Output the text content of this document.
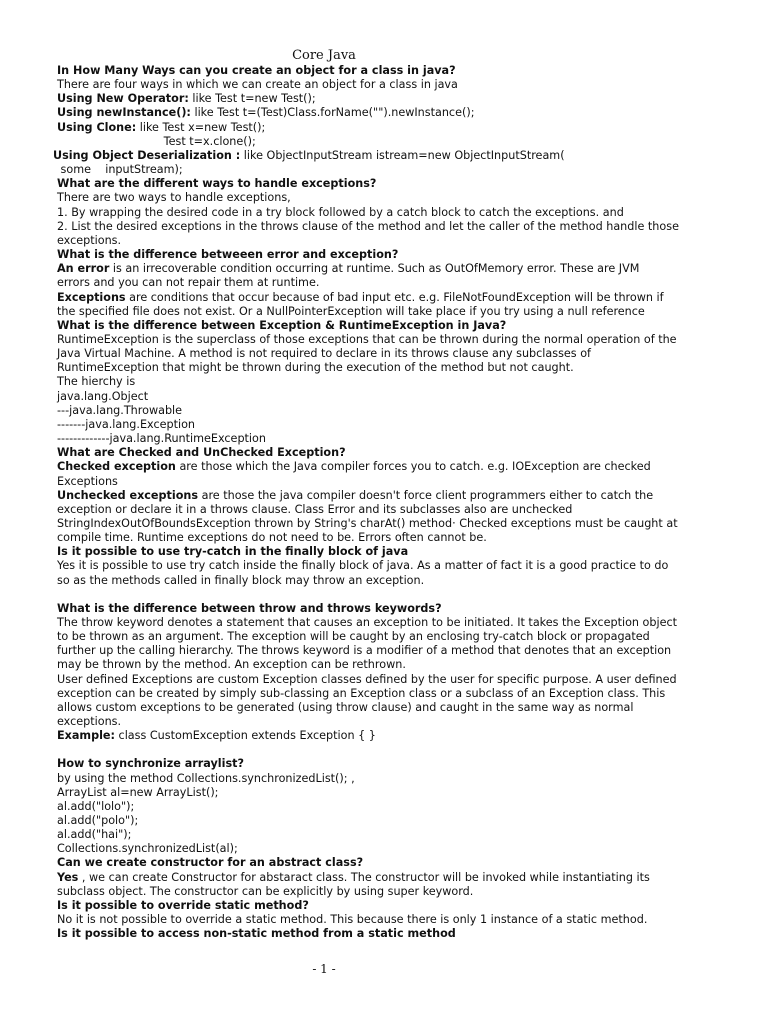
Core Java
In How Many Ways can you create an object for a class in java?
There are four ways in which we can create an object for a class in java
Using New Operator: like Test t=new Test();
Using newInstance(): like Test t=(Test)Class.forName("").newInstance();
Using Clone: like Test x=new Test();
Test t=x.clone();
Using Object Deserialization : like ObjectInputStream istream=new ObjectInputStream(
some    inputStream);
What are the different ways to handle exceptions?
There are two ways to handle exceptions,
1. By wrapping the desired code in a try block followed by a catch block to catch the exceptions. and
2. List the desired exceptions in the throws clause of the method and let the caller of the method handle those
exceptions.
What is the difference betweeen error and exception?
An error is an irrecoverable condition occurring at runtime. Such as OutOfMemory error. These are JVM
errors and you can not repair them at runtime.
Exceptions are conditions that occur because of bad input etc. e.g. FileNotFoundException will be thrown if
the specified file does not exist. Or a NullPointerException will take place if you try using a null reference
What is the difference between Exception & RuntimeException in Java?
RuntimeException is the superclass of those exceptions that can be thrown during the normal operation of the
Java Virtual Machine. A method is not required to declare in its throws clause any subclasses of
RuntimeException that might be thrown during the execution of the method but not caught.
The hierchy is
java.lang.Object
---java.lang.Throwable
-------java.lang.Exception
-------------java.lang.RuntimeException
What are Checked and UnChecked Exception?
Checked exception are those which the Java compiler forces you to catch. e.g. IOException are checked
Exceptions
Unchecked exceptions are those the java compiler doesn't force client programmers either to catch the
exception or declare it in a throws clause. Class Error and its subclasses also are unchecked
StringIndexOutOfBoundsException thrown by String's charAt() method· Checked exceptions must be caught at
compile time. Runtime exceptions do not need to be. Errors often cannot be.
Is it possible to use try-catch in the finally block of java
Yes it is possible to use try catch inside the finally block of java. As a matter of fact it is a good practice to do
so as the methods called in finally block may throw an exception.
What is the difference between throw and throws keywords?
The throw keyword denotes a statement that causes an exception to be initiated. It takes the Exception object
to be thrown as an argument. The exception will be caught by an enclosing try-catch block or propagated
further up the calling hierarchy. The throws keyword is a modifier of a method that denotes that an exception
may be thrown by the method. An exception can be rethrown.
User defined Exceptions are custom Exception classes defined by the user for specific purpose. A user defined
exception can be created by simply sub-classing an Exception class or a subclass of an Exception class. This
allows custom exceptions to be generated (using throw clause) and caught in the same way as normal
exceptions.
Example: class CustomException extends Exception { }
How to synchronize arraylist?
by using the method Collections.synchronizedList(); ,
ArrayList al=new ArrayList();
al.add("lolo");
al.add("polo");
al.add("hai");
Collections.synchronizedList(al);
Can we create constructor for an abstract class?
Yes , we can create Constructor for abstaract class. The constructor will be invoked while instantiating its
subclass object. The constructor can be explicitly by using super keyword.
Is it possible to override static method?
No it is not possible to override a static method. This because there is only 1 instance of a static method.
Is it possible to access non-static method from a static method
- 1 -
